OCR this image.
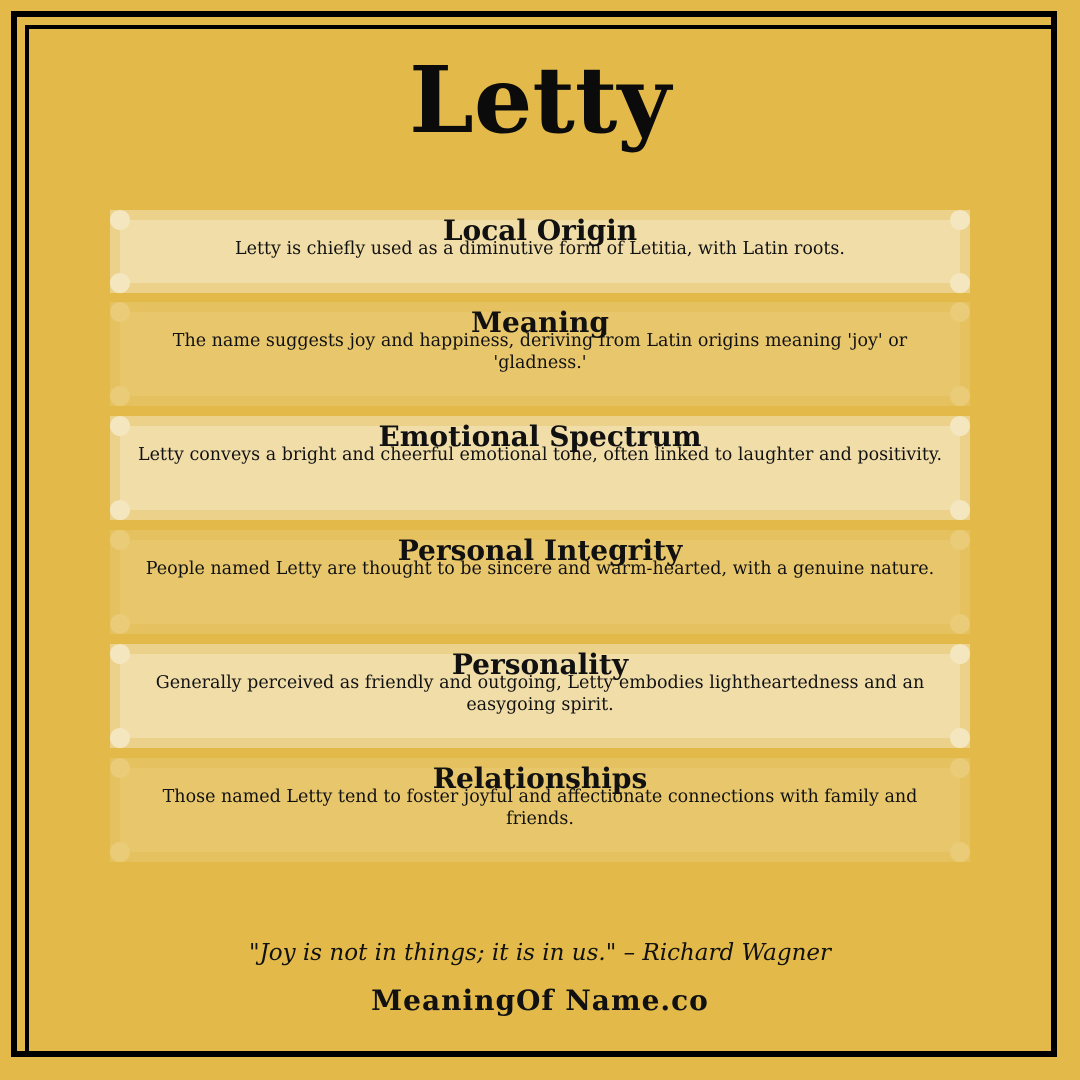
Letty
Local Origin

Letty is chiefly used as a diminutive form of Letitia, with Latin roots.

Meaning

The name suggests joy and happiness, deriving from Latin origins meaning 'joy' or 'gladness.'

Emotional Spectrum

Letty conveys a bright and cheerful emotional tone, often linked to laughter and positivity.

Personal Integrity

People named Letty are thought to be sincere and warm-hearted, with a genuine nature.

Personality

Generally perceived as friendly and outgoing, Letty embodies lightheartedness and an easygoing spirit.

Relationships

Those named Letty tend to foster joyful and affectionate connections with family and friends.

"Joy is not in things; it is in us." – Richard Wagner
MeaningOf Name.co
